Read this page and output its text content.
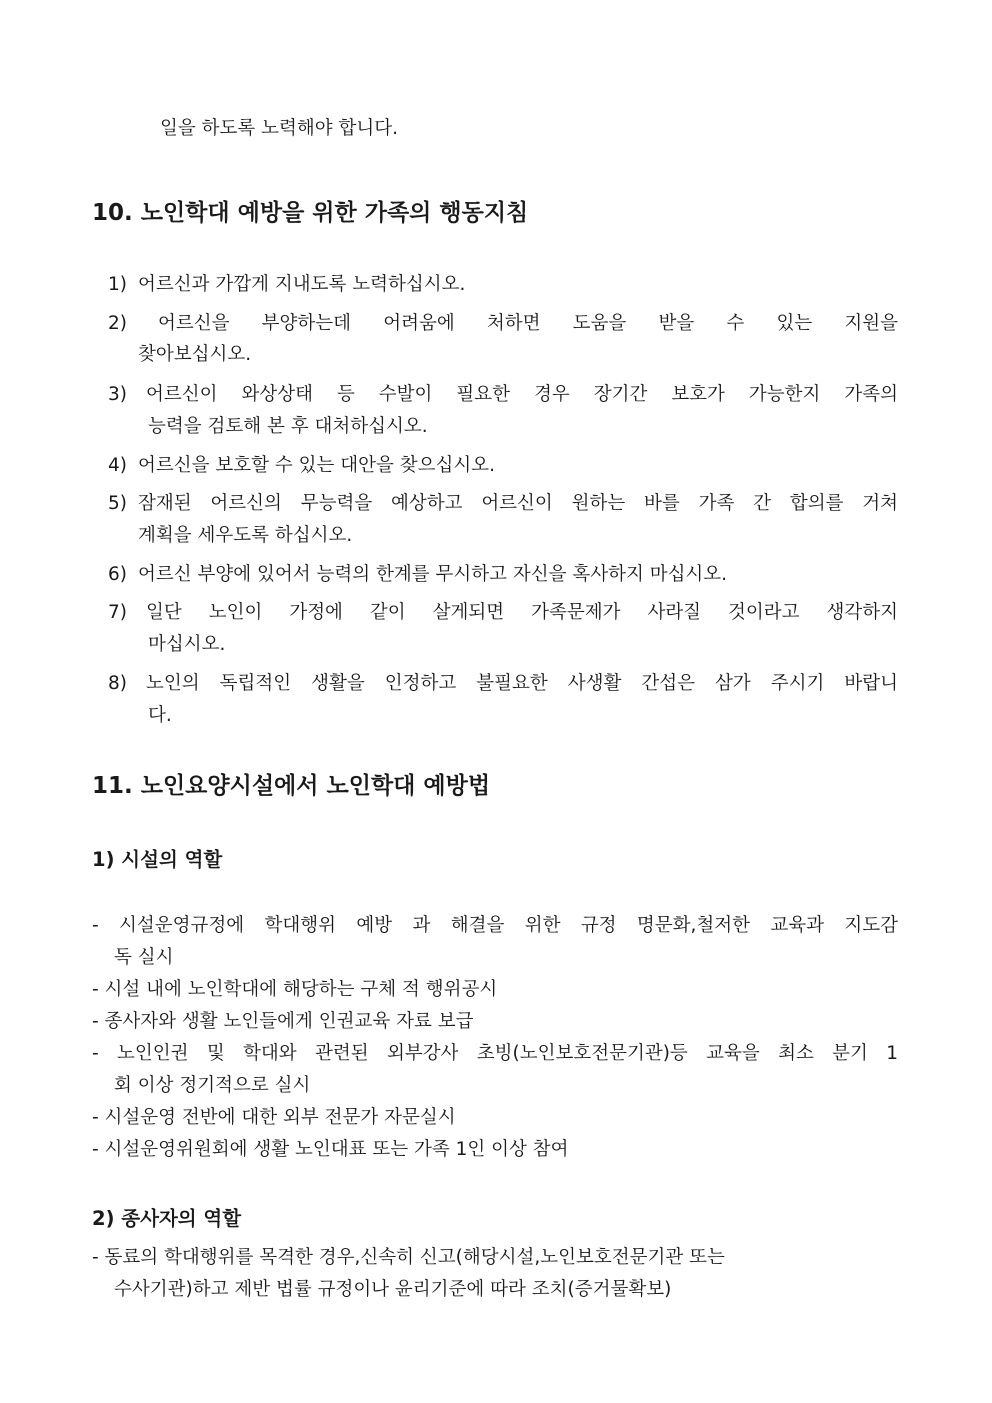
일을 하도록 노력해야 합니다.
10. 노인학대 예방을 위한 가족의 행동지침
1) 어르신과 가깝게 지내도록 노력하십시오.
2) 어르신을 부양하는데 어려움에 처하면 도움을 받을 수 있는 지원을
찾아보십시오.
3) 어르신이 와상상태 등 수발이 필요한 경우 장기간 보호가 가능한지 가족의
능력을 검토해 본 후 대처하십시오.
4) 어르신을 보호할 수 있는 대안을 찾으십시오.
5) 잠재된 어르신의 무능력을 예상하고 어르신이 원하는 바를 가족 간 합의를 거쳐
계획을 세우도록 하십시오.
6) 어르신 부양에 있어서 능력의 한계를 무시하고 자신을 혹사하지 마십시오.
7) 일단 노인이 가정에 같이 살게되면 가족문제가 사라질 것이라고 생각하지
마십시오.
8) 노인의 독립적인 생활을 인정하고 불필요한 사생활 간섭은 삼가 주시기 바랍니
다.
11. 노인요양시설에서 노인학대 예방법
1) 시설의 역할
- 시설운영규정에 학대행위 예방 과 해결을 위한 규정 명문화,철저한 교육과 지도감
독 실시
- 시설 내에 노인학대에 해당하는 구체 적 행위공시
- 종사자와 생활 노인들에게 인권교육 자료 보급
- 노인인권 및 학대와 관련된 외부강사 초빙(노인보호전문기관)등 교육을 최소 분기 1
회 이상 정기적으로 실시
- 시설운영 전반에 대한 외부 전문가 자문실시
- 시설운영위원회에 생활 노인대표 또는 가족 1인 이상 참여
2) 종사자의 역할
- 동료의 학대행위를 목격한 경우,신속히 신고(해당시설,노인보호전문기관 또는
수사기관)하고 제반 법률 규정이나 윤리기준에 따라 조치(증거물확보)
